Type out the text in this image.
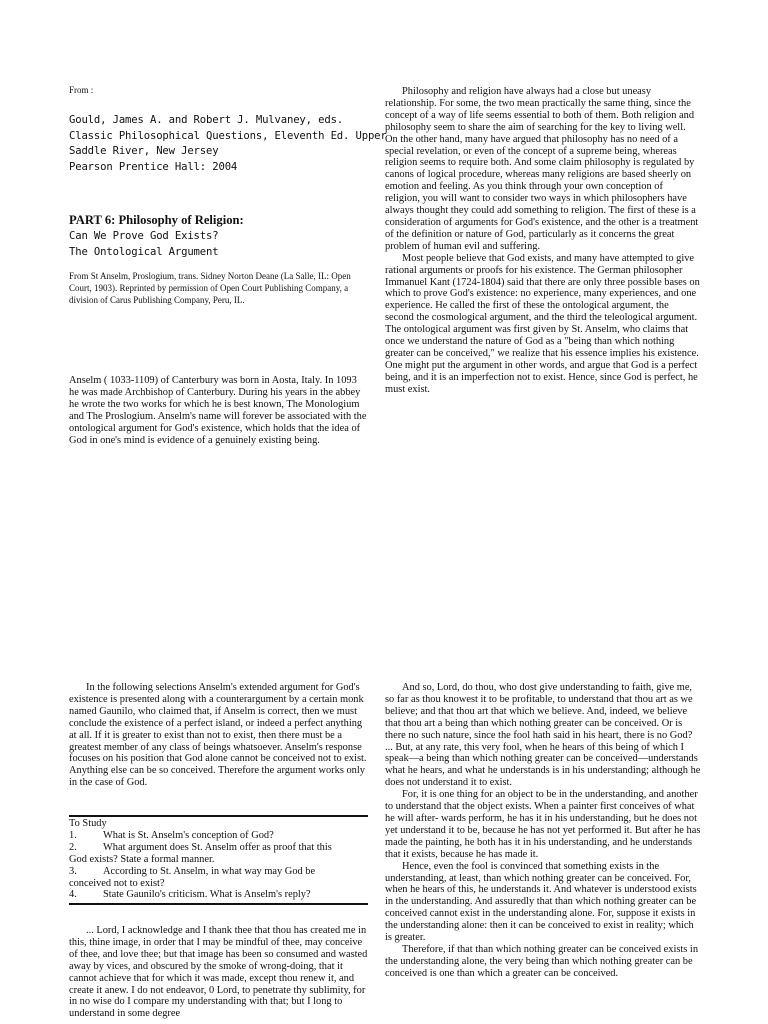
From :
Gould, James A. and Robert J. Mulvaney, eds.
Classic Philosophical Questions, Eleventh Ed. Upper
Saddle River, New Jersey
Pearson Prentice Hall: 2004
PART 6: Philosophy of Religion:
Can We Prove God Exists?
The Ontological Argument
From St Anselm, Proslogium, trans. Sidney Norton Deane (La Salle, IL: Open Court, 1903). Reprinted by permission of Open Court Publishing Company, a division of Carus Publishing Company, Peru, IL.

Anselm ( 1033-1109) of Canterbury was born in Aosta, Italy. In 1093 he was made Archbishop of Canterbury. During his years in the abbey he wrote the two works for which he is best known, The Monologium and The Proslogium. Anselm's name will forever be associated with the ontological argument for God's existence, which holds that the idea of God in one's mind is evidence of a genuinely existing being.

Philosophy and religion have always had a close but uneasy relationship. For some, the two mean practically the same thing, since the concept of a way of life seems essential to both of them. Both religion and philosophy seem to share the aim of searching for the key to living well. On the other hand, many have argued that philosophy has no need of a special revelation, or even of the concept of a supreme being, whereas religion seems to require both. And some claim philosophy is regulated by canons of logical procedure, whereas many religions are based sheerly on emotion and feeling. As you think through your own conception of religion, you will want to consider two ways in which philosophers have always thought they could add something to religion. The first of these is a consideration of arguments for God's existence, and the other is a treatment of the definition or nature of God, particularly as it concerns the great problem of human evil and suffering.

Most people believe that God exists, and many have attempted to give rational arguments or proofs for his existence. The German philosopher Immanuel Kant (1724-1804) said that there are only three possible bases on which to prove God's existence: no experience, many experiences, and one experience. He called the first of these the ontological argument, the second the cosmological argument, and the third the teleological argument. The ontological argument was first given by St. Anselm, who claims that once we understand the nature of God as a "being than which nothing greater can be conceived," we realize that his essence implies his existence. One might put the argument in other words, and argue that God is a perfect being, and it is an imperfection not to exist. Hence, since God is perfect, he must exist.

In the following selections Anselm's extended argument for God's existence is presented along with a counterargument by a certain monk named Gaunilo, who claimed that, if Anselm is correct, then we must conclude the existence of a perfect island, or indeed a perfect anything at all. If it is greater to exist than not to exist, then there must be a greatest member of any class of beings whatsoever. Anselm's response focuses on his position that God alone cannot be conceived not to exist. Anything else can be so conceived. Therefore the argument works only in the case of God.

To Study
1.	What is St. Anselm's conception of God?
2.	What argument does St. Anselm offer as proof that this
God exists? State a formal manner.
3.	According to St. Anselm, in what way may God be
conceived not to exist?
4.	State Gaunilo's criticism. What is Anselm's reply?

... Lord, I acknowledge and I thank thee that thou has created me in this, thine image, in order that I may be mindful of thee, may conceive of thee, and love thee; but that image has been so consumed and wasted away by vices, and obscured by the smoke of wrong-doing, that it cannot achieve that for which it was made, except thou renew it, and create it anew. I do not endeavor, 0 Lord, to penetrate thy sublimity, for in no wise do I compare my understanding with that; but I long to understand in some degree

And so, Lord, do thou, who dost give understanding to faith, give me, so far as thou knowest it to be profitable, to understand that thou art as we believe; and that thou art that which we believe. And, indeed, we believe that thou art a being than which nothing greater can be conceived. Or is there no such nature, since the fool hath said in his heart, there is no God? ... But, at any rate, this very fool, when he hears of this being of which I speak—a being than which nothing greater can be conceived—understands what he hears, and what he understands is in his understanding; although he does not understand it to exist.

For, it is one thing for an object to be in the understanding, and another to understand that the object exists. When a painter first conceives of what he will after- wards perform, he has it in his understanding, but he does not yet understand it to be, because he has not yet performed it. But after he has made the painting, he both has it in his understanding, and he understands that it exists, because he has made it.

Hence, even the fool is convinced that something exists in the understanding, at least, than which nothing greater can be conceived. For, when he hears of this, he understands it. And whatever is understood exists in the understanding. And assuredly that than which nothing greater can be conceived cannot exist in the understanding alone. For, suppose it exists in the understanding alone: then it can be conceived to exist in reality; which is greater.

Therefore, if that than which nothing greater can be conceived exists in the understanding alone, the very being than which nothing greater can be conceived is one than which a greater can be conceived.
